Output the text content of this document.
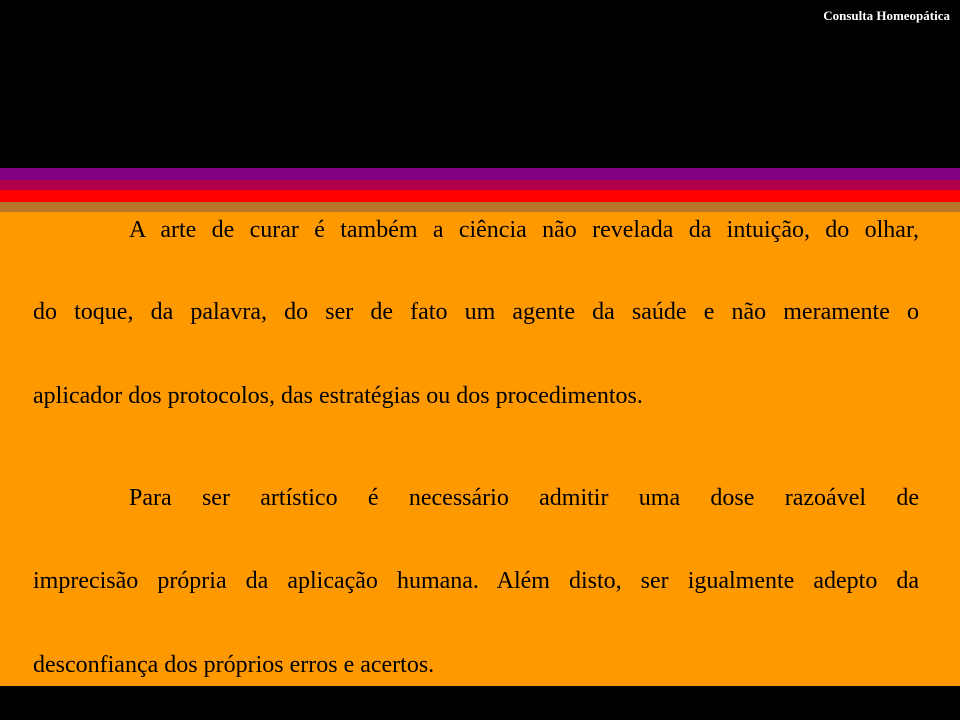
Consulta Homeopática
A arte de curar é também a ciência não revelada da intuição, do olhar,
do toque, da palavra, do ser de fato um agente da saúde e não meramente o
aplicador dos protocolos, das estratégias ou dos procedimentos.
Para ser artístico é necessário admitir uma dose razoável de
imprecisão própria da aplicação humana. Além disto, ser igualmente adepto da
desconfiança dos próprios erros e acertos.
